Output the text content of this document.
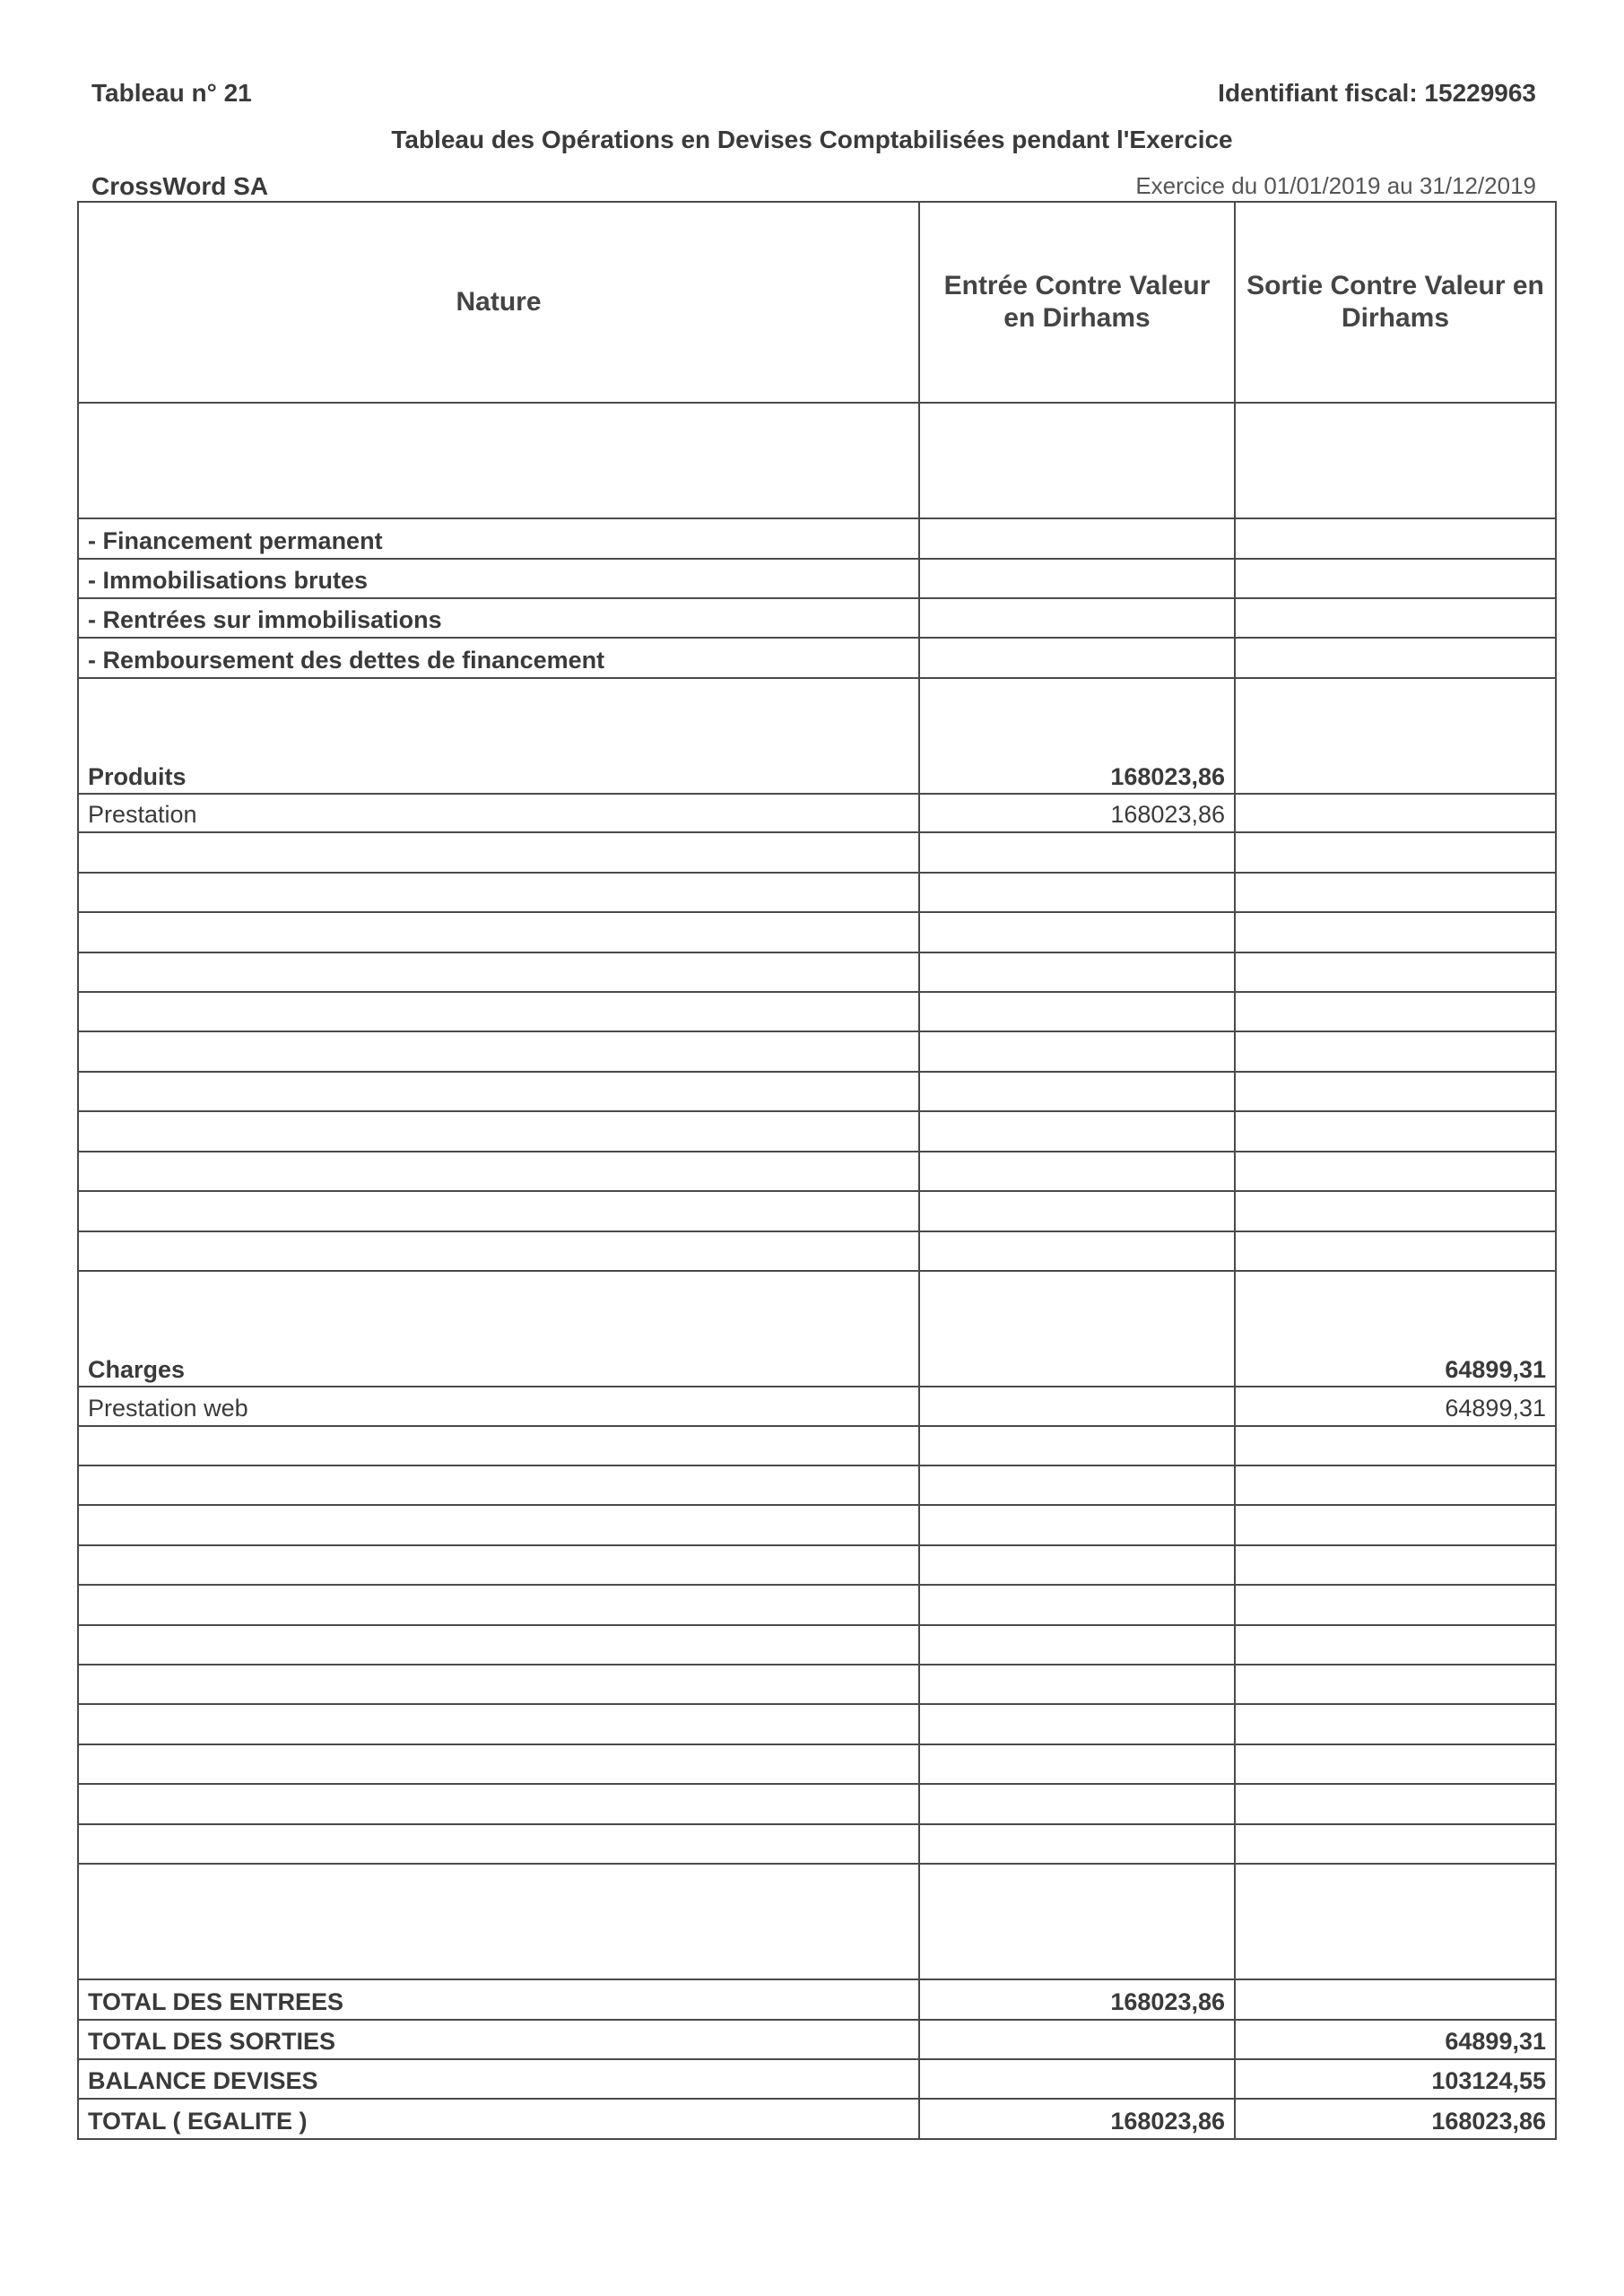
Tableau n° 21	Identifiant fiscal: 15229963
Tableau des Opérations en Devises Comptabilisées pendant l'Exercice
CrossWord SA	Exercice du 01/01/2019 au 31/12/2019
Nature	Entrée Contre Valeur en Dirhams	Sortie Contre Valeur en Dirhams

- Financement permanent		
- Immobilisations brutes		
- Rentrées sur immobilisations		
- Remboursement des dettes de financement		
Produits	168023,86	
Prestation	168023,86	

Charges		64899,31
Prestation web		64899,31

TOTAL DES ENTREES	168023,86	
TOTAL DES SORTIES		64899,31
BALANCE DEVISES		103124,55
TOTAL ( EGALITE )	168023,86	168023,86
